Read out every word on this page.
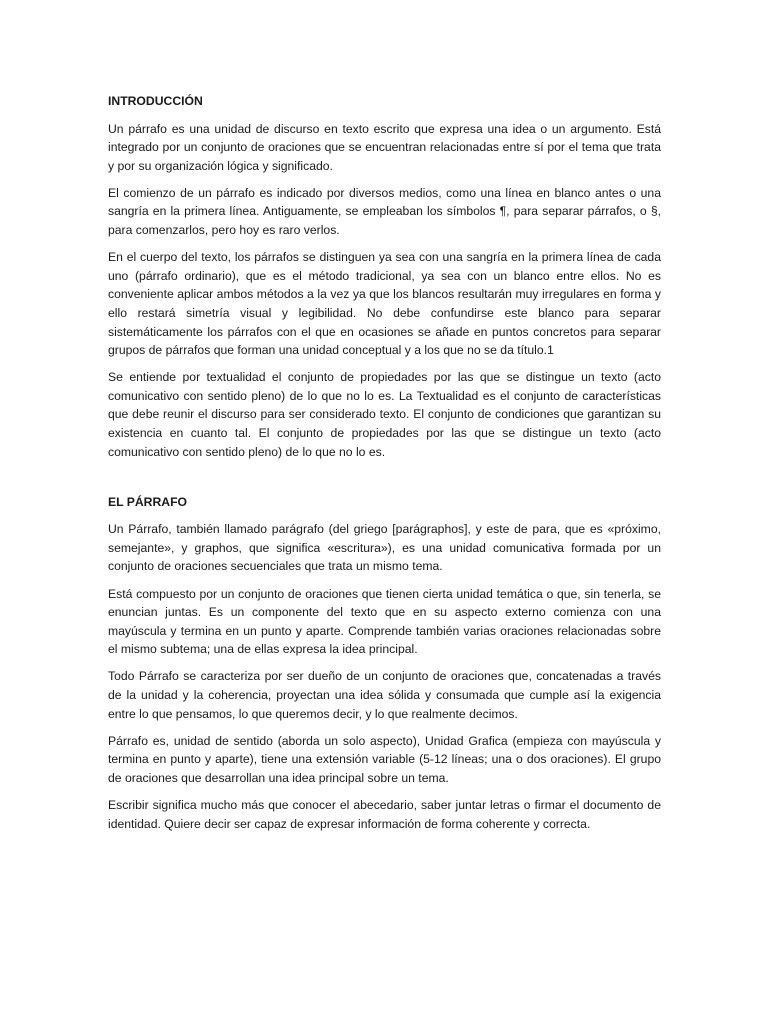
INTRODUCCIÓN

Un párrafo es una unidad de discurso en texto escrito que expresa una idea o un argumento. Está integrado por un conjunto de oraciones que se encuentran relacionadas entre sí por el tema que trata y por su organización lógica y significado.

El comienzo de un párrafo es indicado por diversos medios, como una línea en blanco antes o una sangría en la primera línea. Antiguamente, se empleaban los símbolos ¶, para separar párrafos, o §, para comenzarlos, pero hoy es raro verlos.

En el cuerpo del texto, los párrafos se distinguen ya sea con una sangría en la primera línea de cada uno (párrafo ordinario), que es el método tradicional, ya sea con un blanco entre ellos. No es conveniente aplicar ambos métodos a la vez ya que los blancos resultarán muy irregulares en forma y ello restará simetría visual y legibilidad. No debe confundirse este blanco para separar sistemáticamente los párrafos con el que en ocasiones se añade en puntos concretos para separar grupos de párrafos que forman una unidad conceptual y a los que no se da título.1

Se entiende por textualidad el conjunto de propiedades por las que se distingue un texto (acto comunicativo con sentido pleno) de lo que no lo es. La Textualidad es el conjunto de características que debe reunir el discurso para ser considerado texto. El conjunto de condiciones que garantizan su existencia en cuanto tal. El conjunto de propiedades por las que se distingue un texto (acto comunicativo con sentido pleno) de lo que no lo es.

EL PÁRRAFO

Un Párrafo, también llamado parágrafo (del griego [parágraphos], y este de para, que es «próximo, semejante», y graphos, que significa «escritura»), es una unidad comunicativa formada por un conjunto de oraciones secuenciales que trata un mismo tema.

Está compuesto por un conjunto de oraciones que tienen cierta unidad temática o que, sin tenerla, se enuncian juntas. Es un componente del texto que en su aspecto externo comienza con una mayúscula y termina en un punto y aparte. Comprende también varias oraciones relacionadas sobre el mismo subtema; una de ellas expresa la idea principal.

Todo Párrafo se caracteriza por ser dueño de un conjunto de oraciones que, concatenadas a través de la unidad y la coherencia, proyectan una idea sólida y consumada que cumple así la exigencia entre lo que pensamos, lo que queremos decir, y lo que realmente decimos.

Párrafo es, unidad de sentido (aborda un solo aspecto), Unidad Grafica (empieza con mayúscula y termina en punto y aparte), tiene una extensión variable (5-12 líneas; una o dos oraciones). El grupo de oraciones que desarrollan una idea principal sobre un tema.

Escribir significa mucho más que conocer el abecedario, saber juntar letras o firmar el documento de identidad. Quiere decir ser capaz de expresar información de forma coherente y correcta.
